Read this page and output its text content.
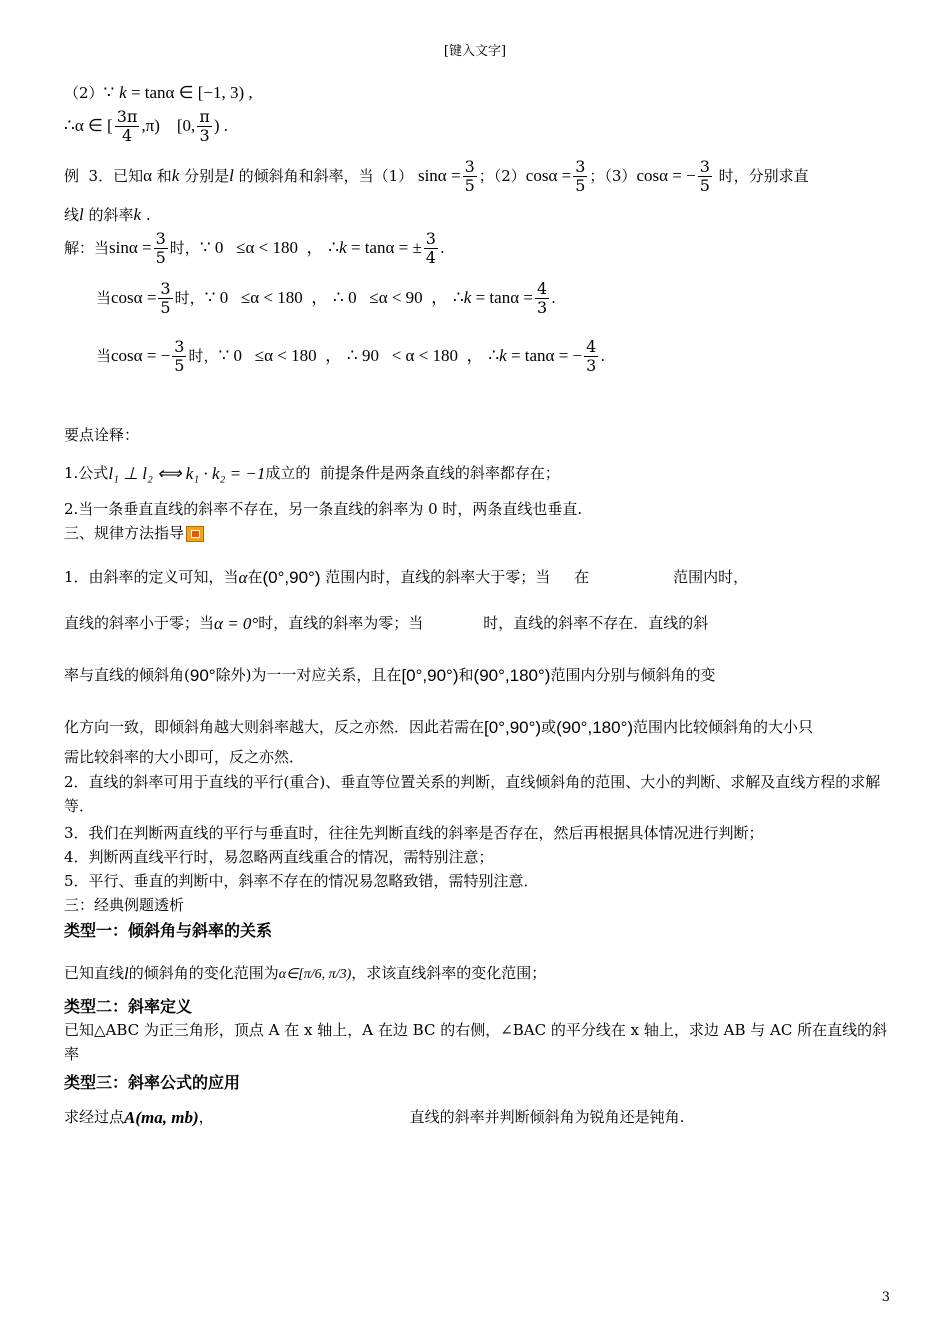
[键入文字]
（2）∵ k = tanα ∈ [−1, 3) ,
∴α ∈ [ $\frac{3\pi}{4} ,\pi$)    [0, $\frac{\pi}{3}$ ) .
例  3．已知α 和k 分别是l 的倾斜角和斜率，当（1） $\sin\alpha = \frac{3}{5}$ ；$(2)\cos\alpha = \frac{3}{5}$ ；（3）cosα = − $\frac{3}{5}$ 时，分别求直
线l 的斜率k .
解：当$\sin\alpha = \frac{3}{5}$ 时，∵ 0   ≤α < 180  ， ∴k = tanα = ± $\frac{3}{4}$ .
当$\cos\alpha = \frac{3}{5}$ 时，∵ 0   ≤α < 180  ， ∴ 0   ≤α < 90  ， ∴k = $\tan\alpha = \frac{4}{3}$ .
当cosα = − $\frac{3}{5}$ 时，∵ 0   ≤α < 180  ， ∴ 90   < α < 180  ， ∴k = tanα = − $\frac{4}{3}$ .
要点诠释：
1.公式l₁ ⊥ l₂ ⟺ k₁ · k₂ = −1成立的  前提条件是两条直线的斜率都存在；
2.当一条垂直直线的斜率不存在，另一条直线的斜率为 0 时，两条直线也垂直.
三、规律方法指导
1．由斜率的定义可知，当α在(0°,90°) 范围内时，直线的斜率大于零；当     在	范围内时，
直线的斜率小于零；当α = 0°时，直线的斜率为零；当	时，直线的斜率不存在．直线的斜
率与直线的倾斜角(90°除外)为一一对应关系，且在[0°,90°)和(90°,180°)范围内分别与倾斜角的变
化方向一致，即倾斜角越大则斜率越大，反之亦然．因此若需在[0°,90°)或(90°,180°)范围内比较倾斜角的大小只
需比较斜率的大小即可，反之亦然．
2．直线的斜率可用于直线的平行(重合)、垂直等位置关系的判断，直线倾斜角的范围、大小的判断、求解及直线方程的求解等．
3．我们在判断两直线的平行与垂直时，往往先判断直线的斜率是否存在，然后再根据具体情况进行判断；
4．判断两直线平行时，易忽略两直线重合的情况，需特别注意；
5．平行、垂直的判断中，斜率不存在的情况易忽略致错，需特别注意．
三：经典例题透析
类型一：倾斜角与斜率的关系
已知直线l的倾斜角的变化范围为α∈[π/6, π/3)，求该直线斜率的变化范围；
类型二：斜率定义
已知△ABC 为正三角形，顶点 A 在 x 轴上，A 在边 BC 的右侧，∠BAC 的平分线在 x 轴上，求边 AB 与 AC 所在直线的斜率
类型三：斜率公式的应用
求经过点A(ma, mb)，	直线的斜率并判断倾斜角为锐角还是钝角.
3
